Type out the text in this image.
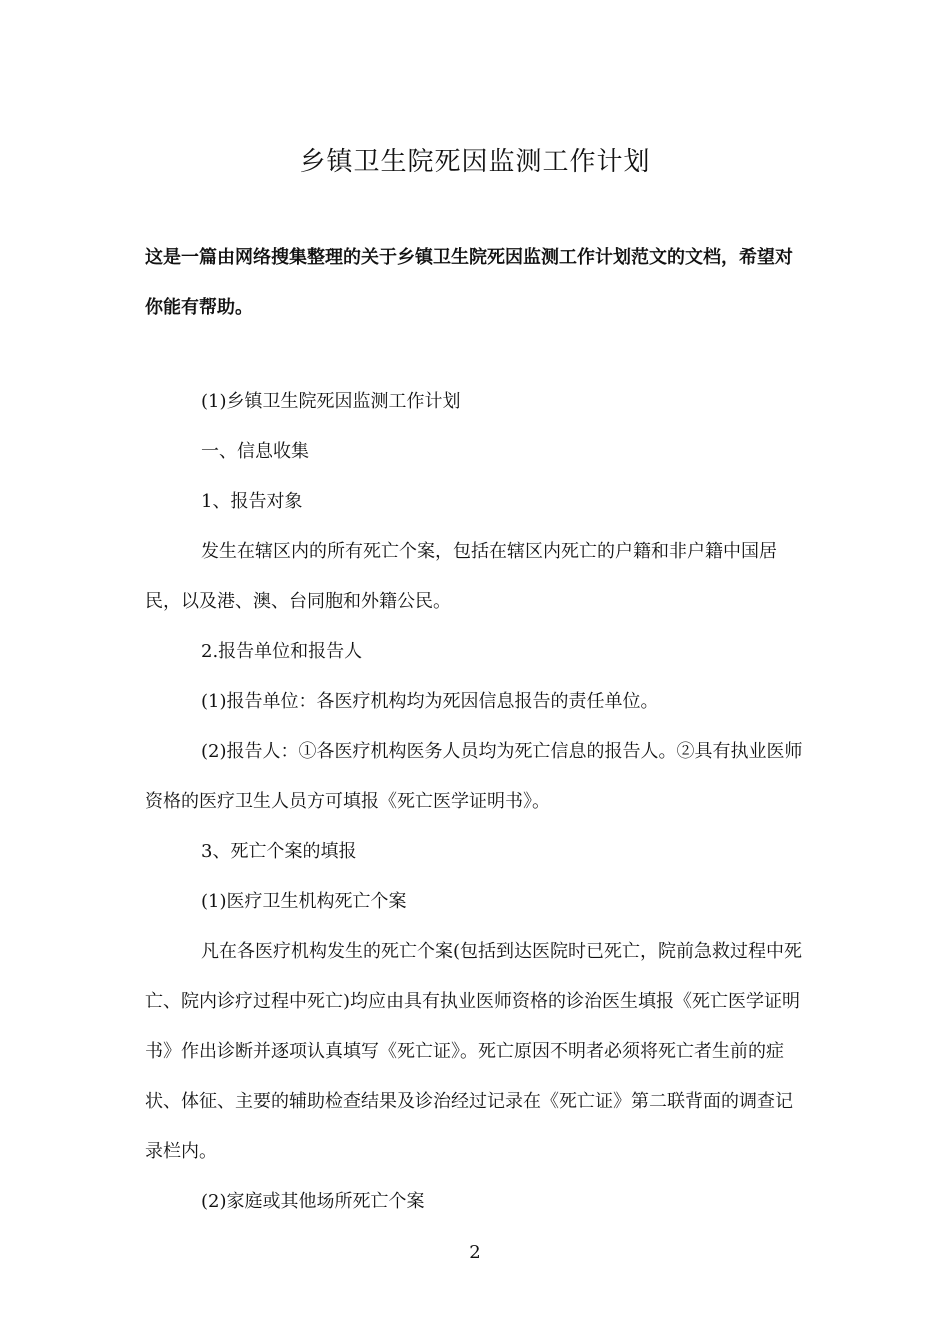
乡镇卫生院死因监测工作计划

这是一篇由网络搜集整理的关于乡镇卫生院死因监测工作计划范文的文档，希望对你能有帮助。

(1)乡镇卫生院死因监测工作计划

一、信息收集

1、报告对象

发生在辖区内的所有死亡个案，包括在辖区内死亡的户籍和非户籍中国居民，以及港、澳、台同胞和外籍公民。

2.报告单位和报告人

(1)报告单位：各医疗机构均为死因信息报告的责任单位。

(2)报告人：①各医疗机构医务人员均为死亡信息的报告人。②具有执业医师资格的医疗卫生人员方可填报《死亡医学证明书》。

3、死亡个案的填报

(1)医疗卫生机构死亡个案

凡在各医疗机构发生的死亡个案(包括到达医院时已死亡，院前急救过程中死亡、院内诊疗过程中死亡)均应由具有执业医师资格的诊治医生填报《死亡医学证明书》作出诊断并逐项认真填写《死亡证》。死亡原因不明者必须将死亡者生前的症状、体征、主要的辅助检查结果及诊治经过记录在《死亡证》第二联背面的调查记录栏内。

(2)家庭或其他场所死亡个案

2
